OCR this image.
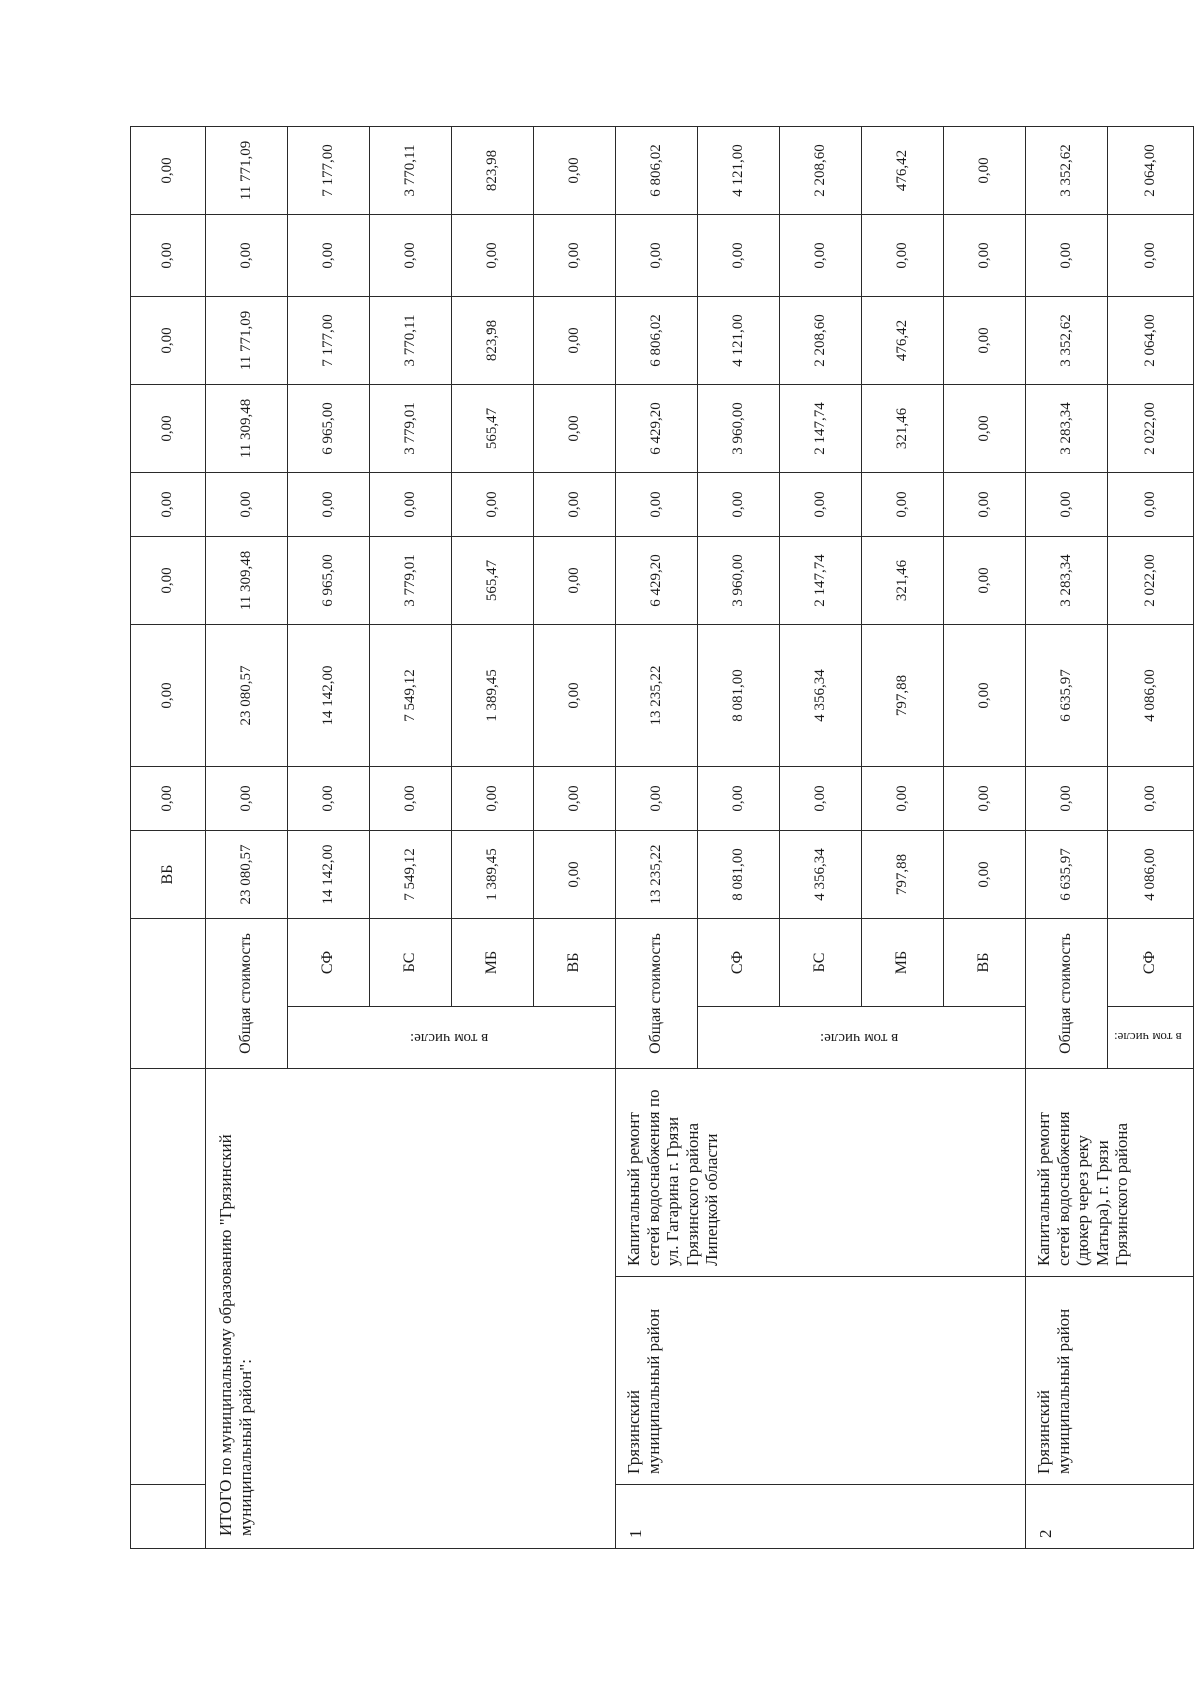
					ВБ	0,00	0,00	0,00	0,00	0,00	0,00	0,00	0,00	
ИТОГО по муниципальному образованию "Грязинский муниципальный район":			Общая стоимость		23 080,57	0,00	23 080,57	11 309,48	0,00	11 309,48	11 771,09	0,00	11 771,09	
			в том числе:	СФ	14 142,00	0,00	14 142,00	6 965,00	0,00	6 965,00	7 177,00	0,00	7 177,00	
				БС	7 549,12	0,00	7 549,12	3 779,01	0,00	3 779,01	3 770,11	0,00	3 770,11	
				МБ	1 389,45	0,00	1 389,45	565,47	0,00	565,47	823,98	0,00	823,98	
				ВБ	0,00	0,00	0,00	0,00	0,00	0,00	0,00	0,00	0,00	
1	Грязинский муниципальный район	Капитальный ремонт сетей водоснабжения по ул. Гагарина г. Грязи Грязинского района Липецкой области	Общая стоимость		13 235,22	0,00	13 235,22	6 429,20	0,00	6 429,20	6 806,02	0,00	6 806,02	
			в том числе:	СФ	8 081,00	0,00	8 081,00	3 960,00	0,00	3 960,00	4 121,00	0,00	4 121,00	
				БС	4 356,34	0,00	4 356,34	2 147,74	0,00	2 147,74	2 208,60	0,00	2 208,60	
				МБ	797,88	0,00	797,88	321,46	0,00	321,46	476,42	0,00	476,42	
				ВБ	0,00	0,00	0,00	0,00	0,00	0,00	0,00	0,00	0,00	
2	Грязинский муниципальный район	Капитальный ремонт сетей водоснабжения (дюкер через реку Матыра), г. Грязи Грязинского района	Общая стоимость		6 635,97	0,00	6 635,97	3 283,34	0,00	3 283,34	3 352,62	0,00	3 352,62	
			в том числе:	СФ	4 086,00	0,00	4 086,00	2 022,00	0,00	2 022,00	2 064,00	0,00	2 064,00	
